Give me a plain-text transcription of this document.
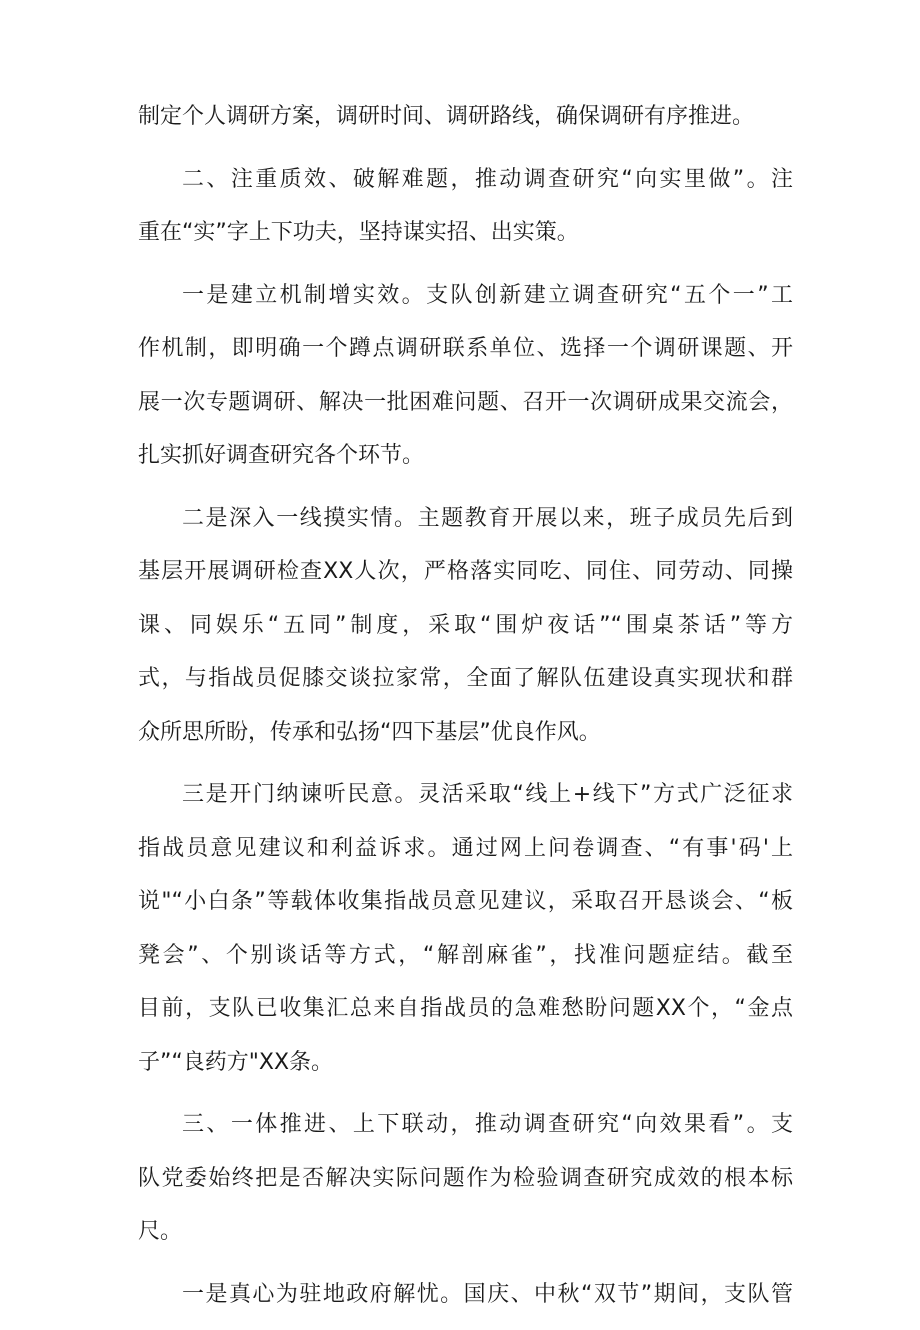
制定个人调研方案，调研时间、调研路线，确保调研有序推进。
二、注重质效、破解难题，推动调查研究“向实里做”。注
重在“实”字上下功夫，坚持谋实招、出实策。
一是建立机制增实效。支队创新建立调查研究“五个一”工
作机制，即明确一个蹲点调研联系单位、选择一个调研课题、开
展一次专题调研、解决一批困难问题、召开一次调研成果交流会，
扎实抓好调查研究各个环节。
二是深入一线摸实情。主题教育开展以来，班子成员先后到
基层开展调研检查XX人次，严格落实同吃、同住、同劳动、同操
课、同娱乐“五同”制度，采取“围炉夜话”“围桌茶话”等方
式，与指战员促膝交谈拉家常，全面了解队伍建设真实现状和群
众所思所盼，传承和弘扬“四下基层”优良作风。
三是开门纳谏听民意。灵活采取“线上+线下”方式广泛征求
指战员意见建议和利益诉求。通过网上问卷调查、“有事'码'上
说"“小白条”等载体收集指战员意见建议，采取召开恳谈会、“板
凳会”、个别谈话等方式，“解剖麻雀”，找准问题症结。截至
目前，支队已收集汇总来自指战员的急难愁盼问题XX个，“金点
子”“良药方"XX条。
三、一体推进、上下联动，推动调查研究“向效果看”。支
队党委始终把是否解决实际问题作为检验调查研究成效的根本标
尺。
一是真心为驻地政府解忧。国庆、中秋“双节”期间，支队管
